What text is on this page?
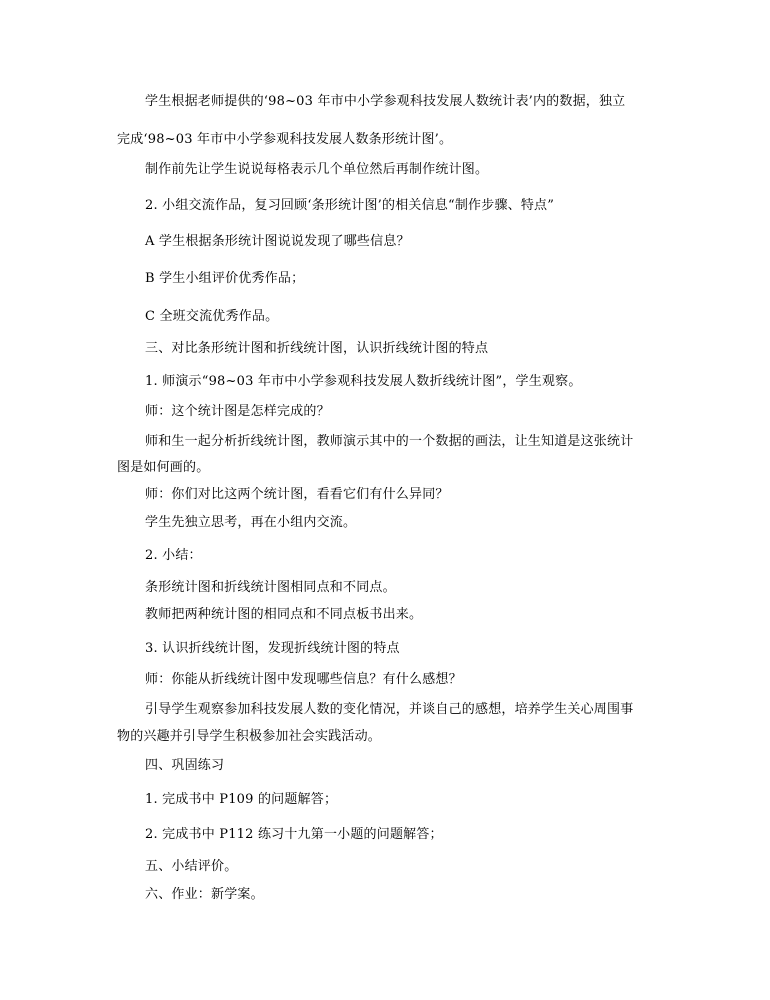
学生根据老师提供的‘98~03 年市中小学参观科技发展人数统计表’内的数据，独立
完成‘98~03 年市中小学参观科技发展人数条形统计图’。
制作前先让学生说说每格表示几个单位然后再制作统计图。
2. 小组交流作品，复习回顾‘条形统计图’的相关信息“制作步骤、特点”
A 学生根据条形统计图说说发现了哪些信息？
B 学生小组评价优秀作品；
C 全班交流优秀作品。
三、对比条形统计图和折线统计图，认识折线统计图的特点
1. 师演示“98~03 年市中小学参观科技发展人数折线统计图”，学生观察。
师：这个统计图是怎样完成的？
师和生一起分析折线统计图，教师演示其中的一个数据的画法，让生知道是这张统计
图是如何画的。
师：你们对比这两个统计图，看看它们有什么异同？
学生先独立思考，再在小组内交流。
2. 小结：
条形统计图和折线统计图相同点和不同点。
教师把两种统计图的相同点和不同点板书出来。
3. 认识折线统计图，发现折线统计图的特点
师：你能从折线统计图中发现哪些信息？有什么感想？
引导学生观察参加科技发展人数的变化情况，并谈自己的感想，培养学生关心周围事
物的兴趣并引导学生积极参加社会实践活动。
四、巩固练习
1. 完成书中 P109 的问题解答；
2. 完成书中 P112 练习十九第一小题的问题解答；
五、小结评价。
六、作业：新学案。
